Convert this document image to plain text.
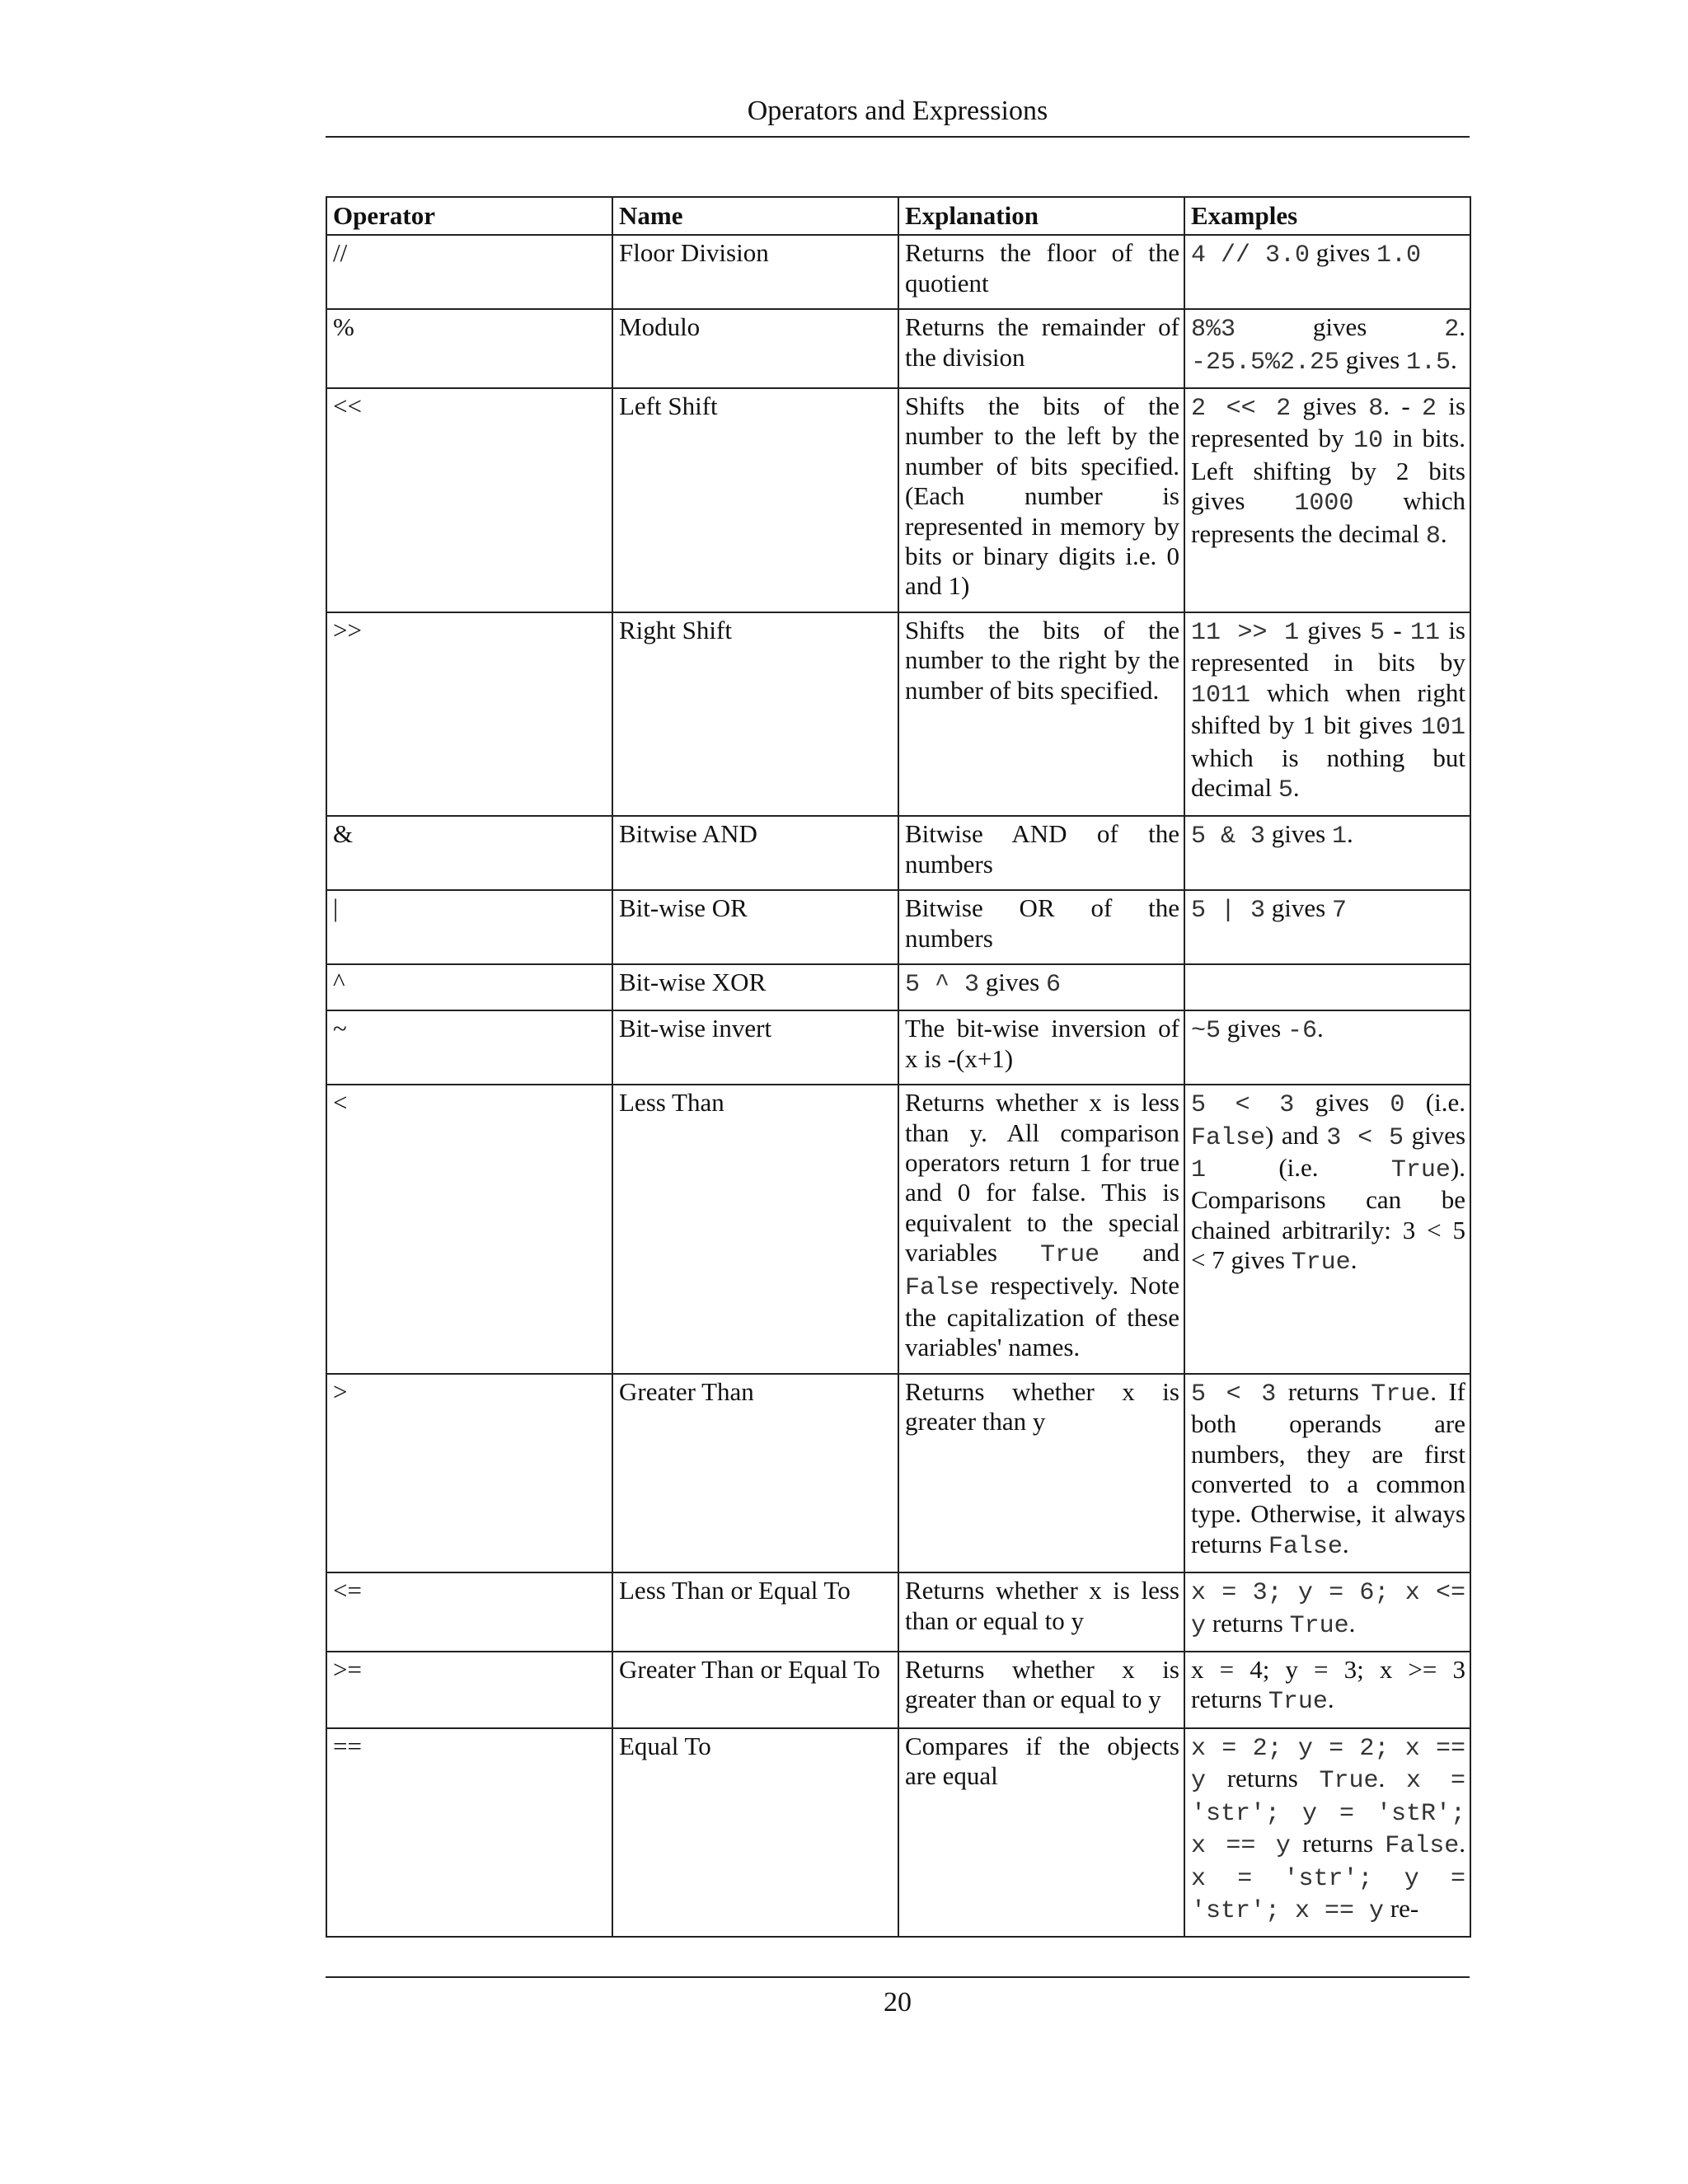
Operators and Expressions
Operator	Name	Explanation	Examples
//	Floor Division	Returns the floor of the quotient	4 // 3.0 gives 1.0
%	Modulo	Returns the remainder of the division	8%3 gives 2. -25.5%2.25 gives 1.5.
<<	Left Shift	Shifts the bits of the number to the left by the number of bits specified. (Each number is represented in memory by bits or binary digits i.e. 0 and 1)	2 << 2 gives 8. - 2 is represented by 10 in bits. Left shifting by 2 bits gives 1000 which represents the decimal 8.
>>	Right Shift	Shifts the bits of the number to the right by the number of bits specified.	11 >> 1 gives 5 - 11 is represented in bits by 1011 which when right shifted by 1 bit gives 101 which is nothing but decimal 5.
&	Bitwise AND	Bitwise AND of the numbers	5 & 3 gives 1.
|	Bit-wise OR	Bitwise OR of the numbers	5 | 3 gives 7
^	Bit-wise XOR	5 ^ 3 gives 6	
~	Bit-wise invert	The bit-wise inversion of x is -(x+1)	~5 gives -6.
<	Less Than	Returns whether x is less than y. All comparison operators return 1 for true and 0 for false. This is equivalent to the special variables True and False respectively. Note the capitalization of these variables' names.	5 < 3 gives 0 (i.e. False) and 3 < 5 gives 1 (i.e. True). Comparisons can be chained arbitrarily: 3 < 5 < 7 gives True.
>	Greater Than	Returns whether x is greater than y	5 < 3 returns True. If both operands are numbers, they are first converted to a common type. Otherwise, it always returns False.
<=	Less Than or Equal To	Returns whether x is less than or equal to y	x = 3; y = 6; x <= y returns True.
>=	Greater Than or Equal To	Returns whether x is greater than or equal to y	x = 4; y = 3; x >= 3 returns True.
==	Equal To	Compares if the objects are equal	x = 2; y = 2; x == y returns True. x = 'str'; y = 'stR'; x == y returns False. x = 'str'; y = 'str'; x == y re-
20
